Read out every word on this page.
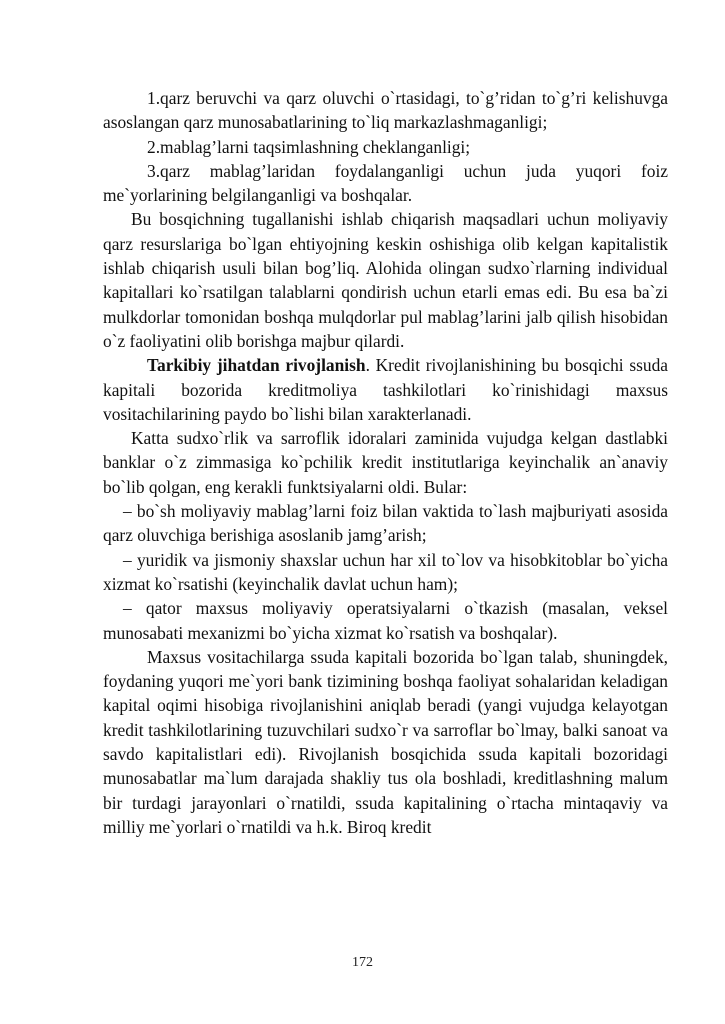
1.qarz beruvchi va qarz oluvchi o`rtasidagi, to`g’ridan to`g’ri kelishuvga asoslangan qarz munosabatlarining to`liq markazlashmaganligi;

2.mablag’larni taqsimlashning cheklanganligi;

3.qarz mablag’laridan foydalanganligi uchun juda yuqori foiz me`yorlarining belgilanganligi va boshqalar.

Bu bosqichning tugallanishi ishlab chiqarish maqsadlari uchun moliyaviy qarz resurslariga bo`lgan ehtiyojning keskin oshishiga olib kelgan kapitalistik ishlab chiqarish usuli bilan bog’liq. Alohida olingan sudxo`rlarning individual kapitallari ko`rsatilgan talablarni qondirish uchun etarli emas edi. Bu esa ba`zi mulkdorlar tomonidan boshqa mulqdorlar pul mablag’larini jalb qilish hisobidan o`z faoliyatini olib borishga majbur qilardi.

Tarkibiy jihatdan rivojlanish. Kredit rivojlanishining bu bosqichi ssuda kapitali bozorida kreditmoliya tashkilotlari ko`rinishidagi maxsus vositachilarining paydo bo`lishi bilan xarakterlanadi.

Katta sudxo`rlik va sarroflik idoralari zaminida vujudga kelgan dastlabki banklar o`z zimmasiga ko`pchilik kredit institutlariga keyinchalik an`anaviy bo`lib qolgan, eng kerakli funktsiyalarni oldi. Bular:

– bo`sh moliyaviy mablag’larni foiz bilan vaktida to`lash majburiyati asosida qarz oluvchiga berishiga asoslanib jamg’arish;

– yuridik va jismoniy shaxslar uchun har xil to`lov va hisobkitoblar bo`yicha xizmat ko`rsatishi (keyinchalik davlat uchun ham);

– qator maxsus moliyaviy operatsiyalarni o`tkazish (masalan, veksel munosabati mexanizmi bo`yicha xizmat ko`rsatish va boshqalar).

Maxsus vositachilarga ssuda kapitali bozorida bo`lgan talab, shuningdek, foydaning yuqori me`yori bank tizimining boshqa faoliyat sohalaridan keladigan kapital oqimi hisobiga rivojlanishini aniqlab beradi (yangi vujudga kelayotgan kredit tashkilotlarining tuzuvchilari sudxo`r va sarroflar bo`lmay, balki sanoat va savdo kapitalistlari edi). Rivojlanish bosqichida ssuda kapitali bozoridagi munosabatlar ma`lum darajada shakliy tus ola boshladi, kreditlashning malum bir turdagi jarayonlari o`rnatildi, ssuda kapitalining o`rtacha mintaqaviy va milliy me`yorlari o`rnatildi va h.k. Biroq kredit

172
